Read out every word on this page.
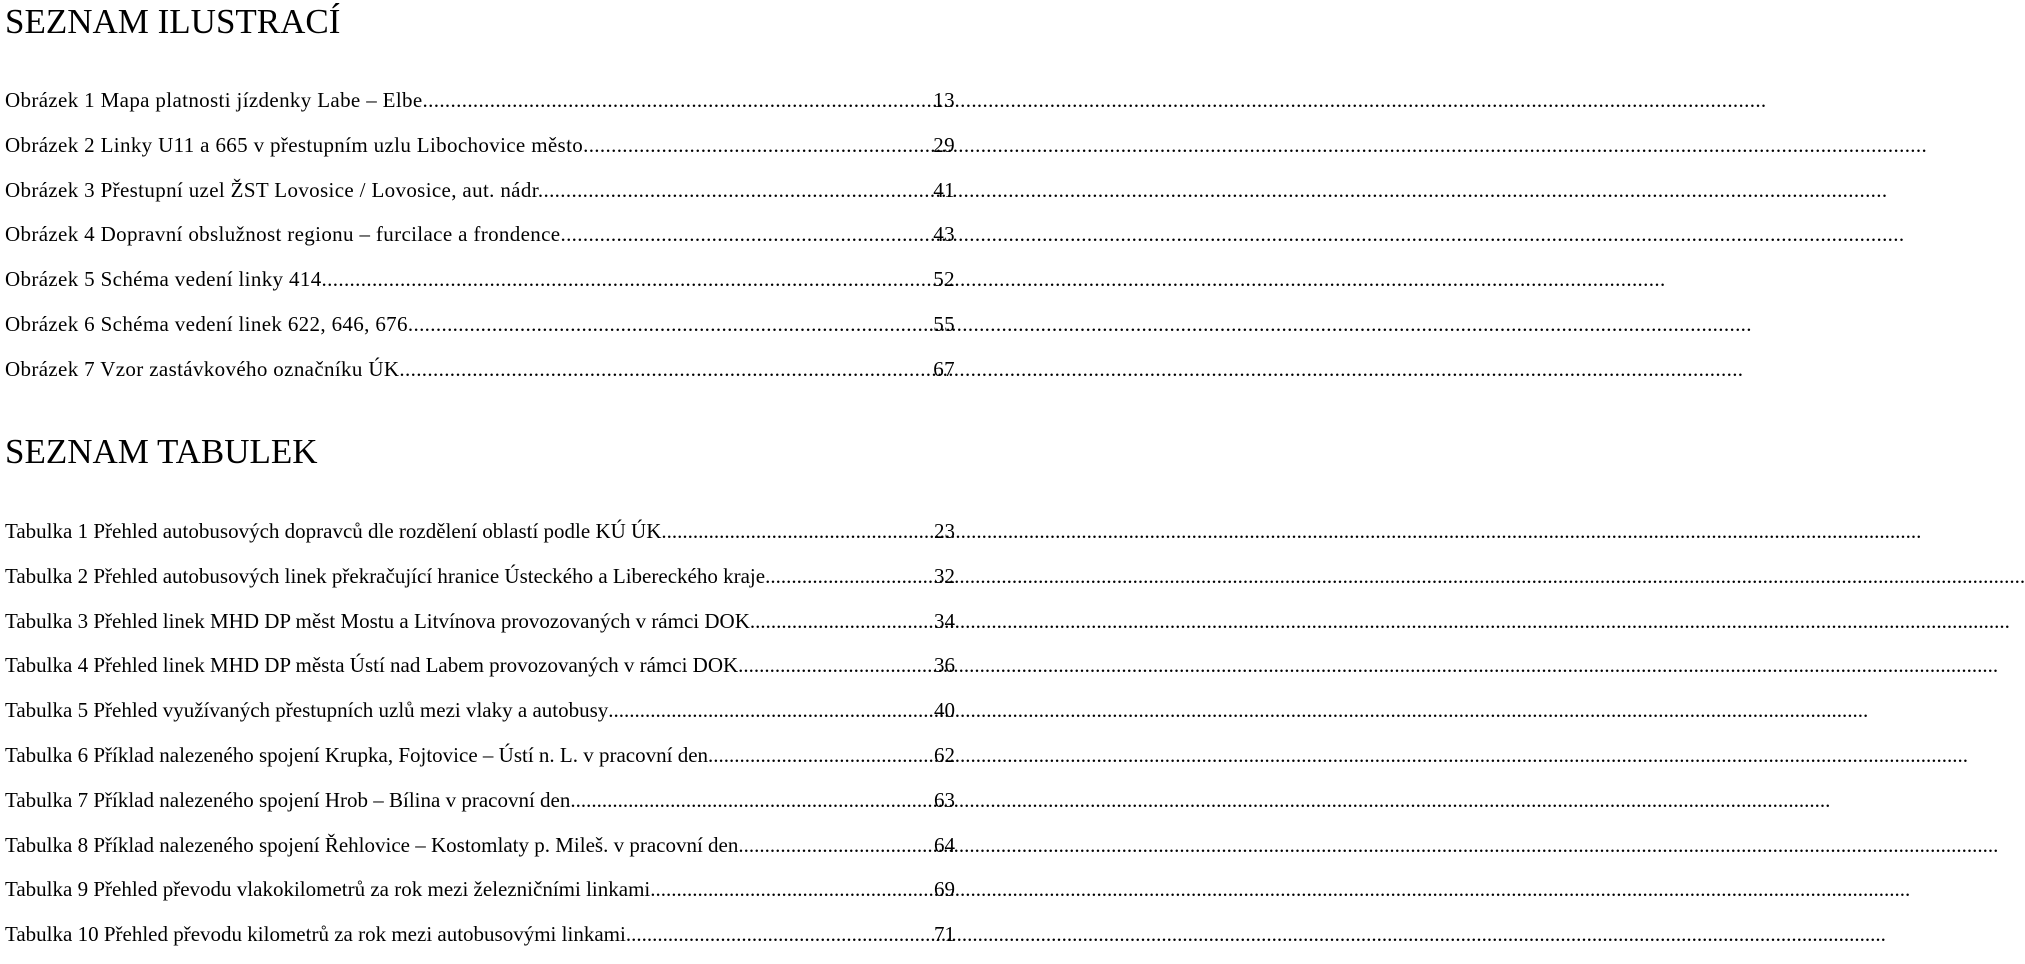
SEZNAM ILUSTRACÍ
Obrázek 1 Mapa platnosti jízdenky Labe – Elbe .....	13
Obrázek 2 Linky U11 a 665 v přestupním uzlu Libochovice město .....	29
Obrázek 3 Přestupní uzel ŽST Lovosice / Lovosice, aut. nádr. .....	41
Obrázek 4 Dopravní obslužnost regionu – furcilace a frondence .....	43
Obrázek 5 Schéma vedení linky 414 .....	52
Obrázek 6 Schéma vedení linek 622, 646, 676 .....	55
Obrázek 7 Vzor zastávkového označníku ÚK .....	67
SEZNAM TABULEK
Tabulka 1 Přehled autobusových dopravců dle rozdělení oblastí podle KÚ ÚK .....	23
Tabulka 2 Přehled autobusových linek překračující hranice Ústeckého a Libereckého kraje .....	32
Tabulka 3 Přehled linek MHD DP měst Mostu a Litvínova provozovaných v rámci DOK .....	34
Tabulka 4 Přehled linek MHD DP města Ústí nad Labem provozovaných v rámci DOK .....	36
Tabulka 5 Přehled využívaných přestupních uzlů mezi vlaky a autobusy .....	40
Tabulka 6 Příklad nalezeného spojení Krupka, Fojtovice – Ústí n. L. v pracovní den .....	62
Tabulka 7 Příklad nalezeného spojení Hrob – Bílina v pracovní den .....	63
Tabulka 8 Příklad nalezeného spojení Řehlovice – Kostomlaty p. Mileš. v pracovní den .....	64
Tabulka 9 Přehled převodu vlakokilometrů za rok mezi železničními linkami .....	69
Tabulka 10 Přehled převodu kilometrů za rok mezi autobusovými linkami .....	71
